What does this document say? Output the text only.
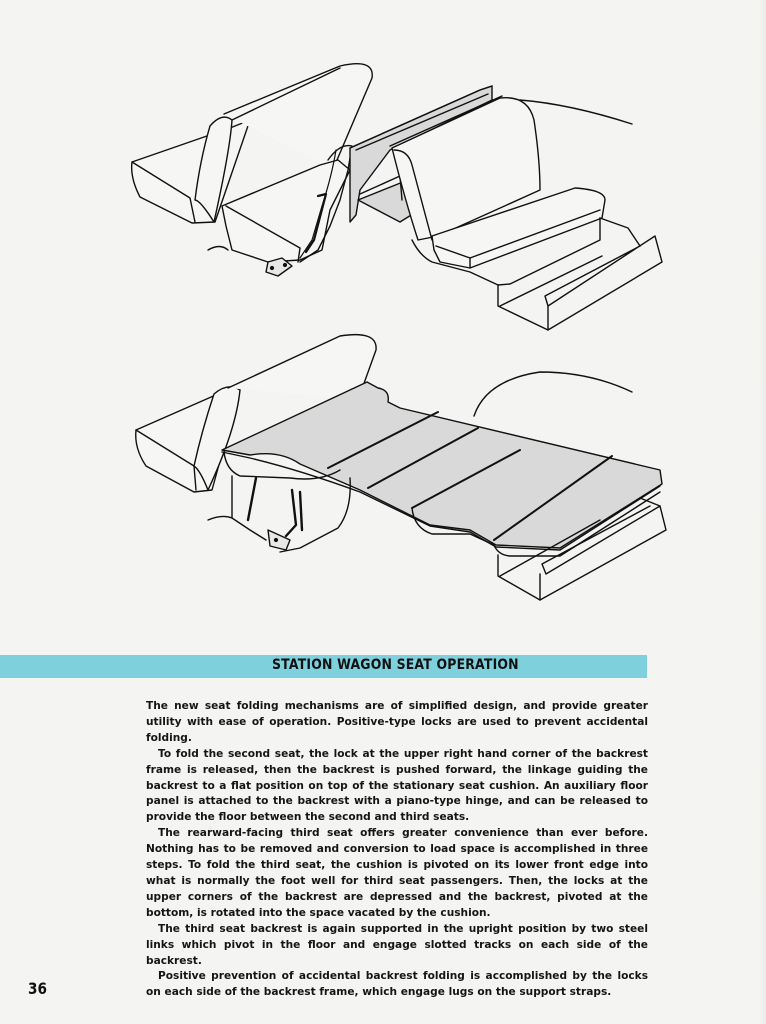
STATION WAGON SEAT OPERATION

The new seat folding mechanisms are of simplified design, and provide greater utility with ease of operation. Positive-type locks are used to prevent accidental folding.

To fold the second seat, the lock at the upper right hand corner of the backrest frame is released, then the backrest is pushed forward, the linkage guiding the backrest to a flat position on top of the stationary seat cushion. An auxiliary floor panel is attached to the backrest with a piano-type hinge, and can be released to provide the floor between the second and third seats.

The rearward-facing third seat offers greater convenience than ever before. Nothing has to be removed and conversion to load space is accomplished in three steps. To fold the third seat, the cushion is pivoted on its lower front edge into what is normally the foot well for third seat passengers. Then, the locks at the upper corners of the backrest are depressed and the backrest, pivoted at the bottom, is rotated into the space vacated by the cushion.

The third seat backrest is again supported in the upright position by two steel links which pivot in the floor and engage slotted tracks on each side of the backrest.

Positive prevention of accidental backrest folding is accomplished by the locks on each side of the backrest frame, which engage lugs on the support straps.

36
